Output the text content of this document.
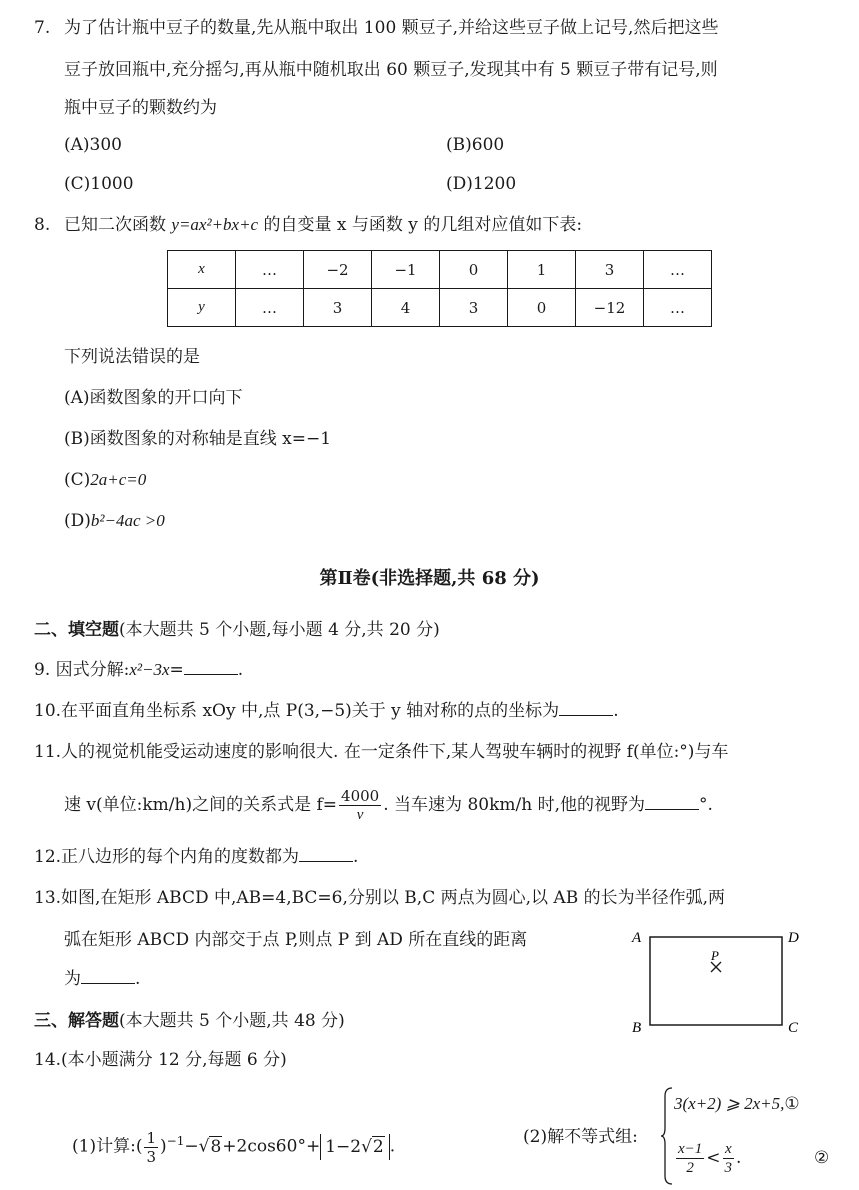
7. 为了估计瓶中豆子的数量,先从瓶中取出 100 颗豆子,并给这些豆子做上记号,然后把这些
豆子放回瓶中,充分摇匀,再从瓶中随机取出 60 颗豆子,发现其中有 5 颗豆子带有记号,则
瓶中豆子的颗数约为
(A)300	(B)600
(C)1000	(D)1200
8. 已知二次函数 y=ax²+bx+c 的自变量 x 与函数 y 的几组对应值如下表:
x	…	−2	−1	0	1	3	…
y	…	3	4	3	0	−12	…
下列说法错误的是
(A)函数图象的开口向下
(B)函数图象的对称轴是直线 x=−1
(C)2a+c=0
(D)b²−4ac >0
第Ⅱ卷(非选择题,共 68 分)
二、填空题(本大题共 5 个小题,每小题 4 分,共 20 分)
9. 因式分解:x²−3x=	.
10.在平面直角坐标系 xOy 中,点 P(3,−5)关于 y 轴对称的点的坐标为	.
11.人的视觉机能受运动速度的影响很大. 在一定条件下,某人驾驶车辆时的视野 f(单位:°)与车
速 v(单位:km/h)之间的关系式是 $f= \frac{4000}{v}$ . 当车速为 80km/h 时,他的视野为	°.
12.正八边形的每个内角的度数都为	.
13.如图,在矩形 ABCD 中,AB=4,BC=6,分别以 B,C 两点为圆心,以 AB 的长为半径作弧,两
弧在矩形 ABCD 内部交于点 P,则点 P 到 AD 所在直线的距离
为	.
A	D
B	C
P
三、解答题(本大题共 5 个小题,共 48 分)
14.(本小题满分 12 分,每题 6 分)
(1)计算:( $\frac{1}{3} )^{-1}-√8+2\cos 60^\circ+ 1-2√2$ .	(2)解不等式组:
3(x+2) ⩾ 2x+5,①
$\frac{x-1}{2} < \frac{x}{3}$ .	②
